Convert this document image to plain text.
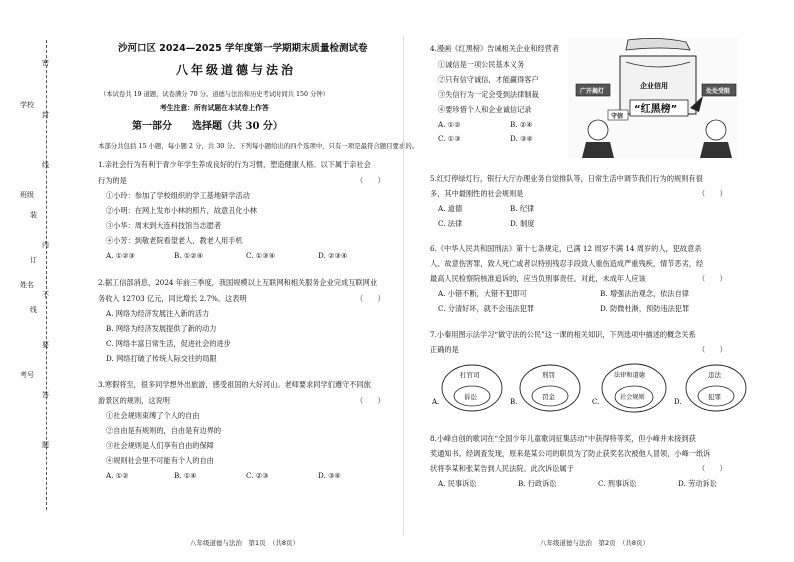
密
封
线
内
不
要
答
题
学校
班级
姓名
考号
装
订
线
沙河口区 2024—2025 学年度第一学期期末质量检测试卷
八年级道德与法治
（本试卷共 19 道题，试卷满分 70 分。道德与法治和历史考试时间共 150 分钟）
考生注意：所有试题在本试卷上作答
第一部分　　选择题（共 30 分）
本部分共包括 15 小题，每小题 2 分，共 30 分。下列每小题给出的四个选项中，只有一项是最符合题目要求的。
1.亲社会行为有利于青少年学生养成良好的行为习惯，塑造健康人格。以下属于亲社会
行为的是	（　　）
①小玲：参加了学校组织的学工基地研学活动
②小明：在网上发布小林的照片，故意丑化小林
③小华：周末到大连科技馆当志愿者
④小芳：到敬老院看望老人，教老人用手机
A. ①②③	B. ①②④	C. ①③④	D. ②③④
2.据工信部消息，2024 年前三季度，我国规模以上互联网和相关服务企业完成互联网业
务收入 12703 亿元，同比增长 2.7%。这表明	（　　）
A. 网络为经济发展注入新的活力
B. 网络为经济发展提供了新的动力
C. 网络丰富日常生活，促进社会的进步
D. 网络打破了传统人际交往的局限
3.寒假将至，很多同学想外出旅游，感受祖国的大好河山。老师要求同学们遵守不同旅
游景区的规则，这说明	（　　）
①社会规则束缚了个人的自由
②自由是有规则的，自由是有边界的
③社会规则是人们享有自由的保障
④规则社会里不可能有个人的自由
A. ①②	B. ①④	C. ②③	D. ③④
八年级道德与法治　第1页　（共8页）
4.漫画《红黑榜》告诫相关企业和经营者
①诚信是一项公民基本义务
②只有信守诚信，才能赢得客户
③失信行为一定会受到法律制裁
④要珍惜个人和企业诚信记录
A. ①②	B. ②④
C. ①③	D. ③④
广开揭灯
企业信用
处处受限
“红黑榜”
守信
5.红灯停绿灯行，银行大厅办理业务自觉排队等，日常生活中调节我们行为的规则有很
多，其中最刚性的社会规则是	（　　）
A. 道德	B. 纪律
C. 法律	D. 制度
6.《中华人民共和国刑法》第十七条规定，已满 12 周岁不满 14 周岁的人，犯故意杀
人、故意伤害罪，致人死亡或者以特别残忍手段致人重伤造成严重残疾，情节恶劣，经
最高人民检察院核准追诉的，应当负刑事责任。对此，未成年人应该	（　　）
A. 小错不断，大错不犯即可	B. 增强法治观念，依法自律
C. 分清好坏，就不会违法犯罪	D. 防微杜渐，预防违法犯罪
7.小秦用图示法学习“做守法的公民”这一课的相关知识，下列选项中描述的概念关系
正确的是	（　　）
A.
打官司
诉讼
B.
刑罚
罚金
C.
法律和道德
社会规则
D.
违法
犯罪
8.小峰自创的歌词在“全国少年儿童歌词征集活动”中获得特等奖，但小峰并未接到获
奖通知书。经调查发现，原来是某公司的职员为了防止获奖名次被他人冒领，小峰一纸诉
状将李某和张某告到人民法院。此次诉讼属于	（　　）
A. 民事诉讼	B. 行政诉讼	C. 刑事诉讼	D. 劳动诉讼
八年级道德与法治　第2页　（共8页）
